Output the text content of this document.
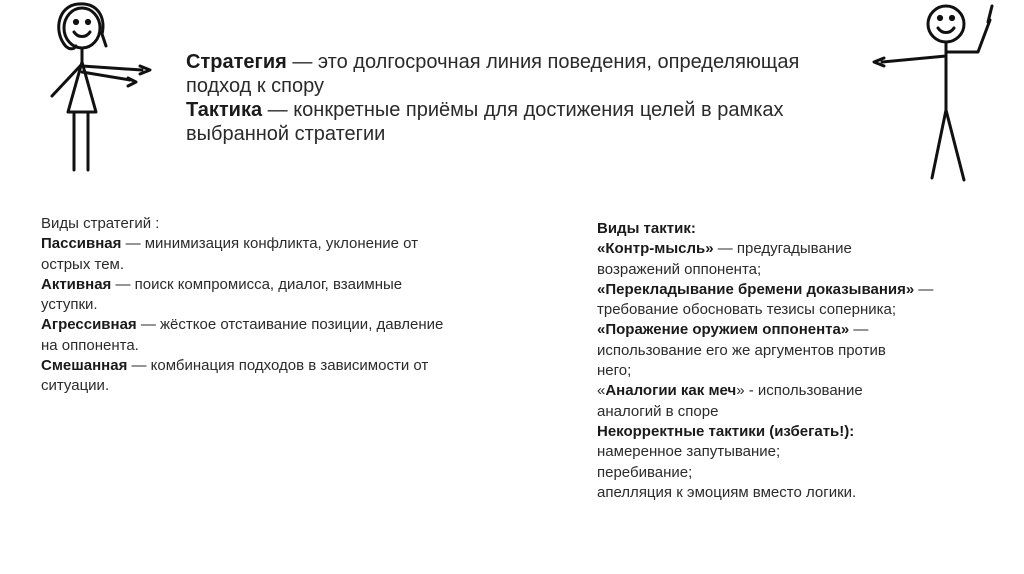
Стратегия — это долгосрочная линия поведения, определяющая
подход к спору
Тактика — конкретные приёмы для достижения целей в рамках
выбранной стратегии
Виды стратегий :
Пассивная — минимизация конфликта, уклонение от
острых тем.
Активная — поиск компромисса, диалог, взаимные
уступки.
Агрессивная — жёсткое отстаивание позиции, давление
на оппонента.
Смешанная — комбинация подходов в зависимости от
ситуации.
Виды тактик:
«Контр-мысль» — предугадывание
возражений оппонента;
«Перекладывание бремени доказывания» —
требование обосновать тезисы соперника;
«Поражение оружием оппонента» —
использование его же аргументов против
него;
«Аналогии как меч» - использование
аналогий в споре
Некорректные тактики (избегать!):
намеренное запутывание;
перебивание;
апелляция к эмоциям вместо логики.
